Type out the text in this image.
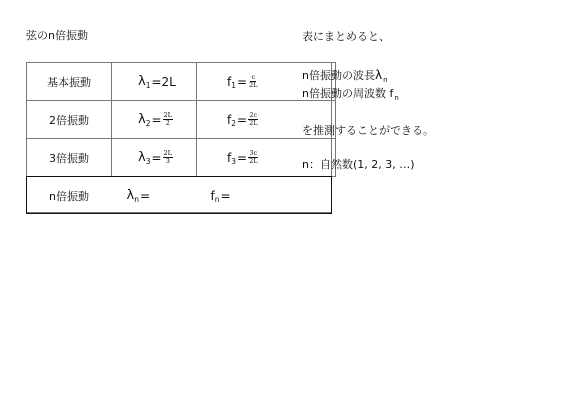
弦のn倍振動
基本振動	λ 1 =2L	f $1 = \frac{c}{2L}$

2倍振動	λ $2 = \frac{2L}{2}$	f $2 = \frac{2c}{2L}$

3倍振動	λ $3 = \frac{2L}{3}$	f $3 = \frac{3c}{2L}$

n倍振動	λ n =	f n =
表にまとめると、
n倍振動の波長$\lambda_n$
n倍振動の周波数 $f_n$
を推測することができる。
n：自然数(1, 2, 3, …)
